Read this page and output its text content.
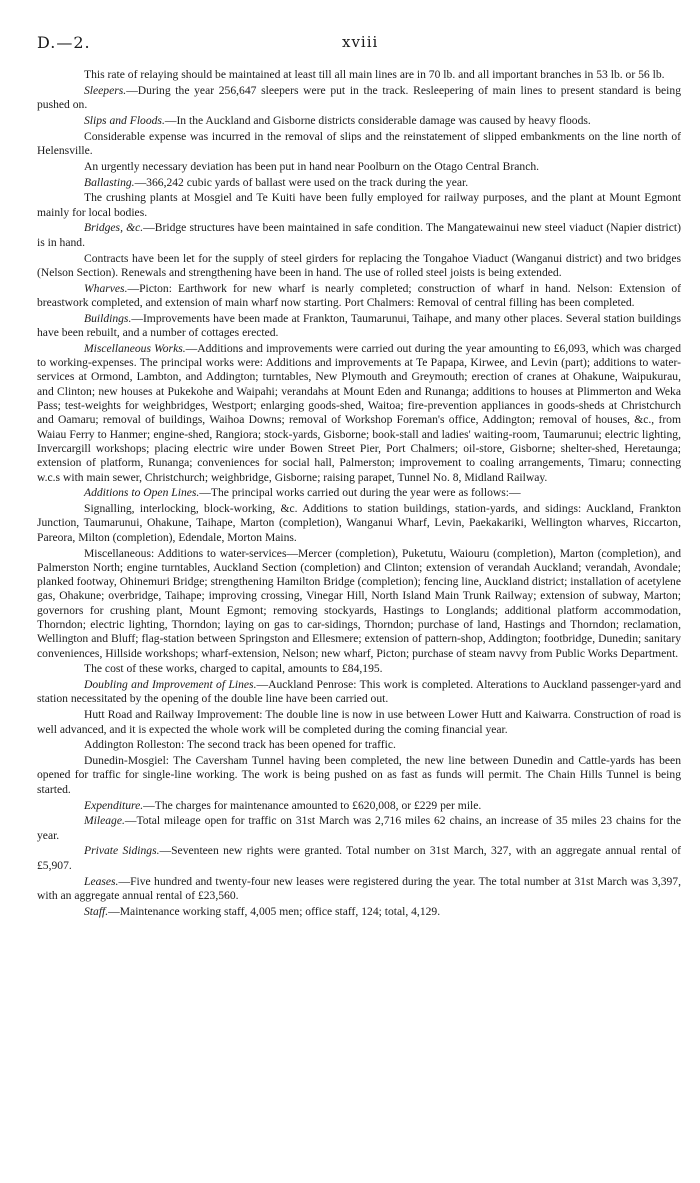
D.—2.	xviii

This rate of relaying should be maintained at least till all main lines are in 70 lb. and all important branches in 53 lb. or 56 lb.

Sleepers.—During the year 256,647 sleepers were put in the track. Resleepering of main lines to present standard is being pushed on.

Slips and Floods.—In the Auckland and Gisborne districts considerable damage was caused by heavy floods.

Considerable expense was incurred in the removal of slips and the reinstatement of slipped embankments on the line north of Helensville.

An urgently necessary deviation has been put in hand near Poolburn on the Otago Central Branch.

Ballasting.—366,242 cubic yards of ballast were used on the track during the year.

The crushing plants at Mosgiel and Te Kuiti have been fully employed for railway purposes, and the plant at Mount Egmont mainly for local bodies.

Bridges, &c.—Bridge structures have been maintained in safe condition. The Mangatewainui new steel viaduct (Napier district) is in hand.

Contracts have been let for the supply of steel girders for replacing the Tongahoe Viaduct (Wanganui district) and two bridges (Nelson Section). Renewals and strengthening have been in hand. The use of rolled steel joists is being extended.

Wharves.—Picton: Earthwork for new wharf is nearly completed; construction of wharf in hand. Nelson: Extension of breastwork completed, and extension of main wharf now starting. Port Chalmers: Removal of central filling has been completed.

Buildings.—Improvements have been made at Frankton, Taumarunui, Taihape, and many other places. Several station buildings have been rebuilt, and a number of cottages erected.

Miscellaneous Works.—Additions and improvements were carried out during the year amounting to £6,093, which was charged to working-expenses. The principal works were: Additions and improvements at Te Papapa, Kirwee, and Levin (part); additions to water-services at Ormond, Lambton, and Addington; turntables, New Plymouth and Greymouth; erection of cranes at Ohakune, Waipukurau, and Clinton; new houses at Pukekohe and Waipahi; verandahs at Mount Eden and Runanga; additions to houses at Plimmerton and Weka Pass; test-weights for weighbridges, Westport; enlarging goods-shed, Waitoa; fire-prevention appliances in goods-sheds at Christchurch and Oamaru; removal of buildings, Waihoa Downs; removal of Workshop Foreman's office, Addington; removal of houses, &c., from Waiau Ferry to Hanmer; engine-shed, Rangiora; stock-yards, Gisborne; book-stall and ladies' waiting-room, Taumarunui; electric lighting, Invercargill workshops; placing electric wire under Bowen Street Pier, Port Chalmers; oil-store, Gisborne; shelter-shed, Heretaunga; extension of platform, Runanga; conveniences for social hall, Palmerston; improvement to coaling arrangements, Timaru; connecting w.c.s with main sewer, Christchurch; weighbridge, Gisborne; raising parapet, Tunnel No. 8, Midland Railway.

Additions to Open Lines.—The principal works carried out during the year were as follows:—

Signalling, interlocking, block-working, &c. Additions to station buildings, station-yards, and sidings: Auckland, Frankton Junction, Taumarunui, Ohakune, Taihape, Marton (completion), Wanganui Wharf, Levin, Paekakariki, Wellington wharves, Riccarton, Pareora, Milton (completion), Edendale, Morton Mains.

Miscellaneous: Additions to water-services—Mercer (completion), Puketutu, Waiouru (completion), Marton (completion), and Palmerston North; engine turntables, Auckland Section (completion) and Clinton; extension of verandah Auckland; verandah, Avondale; planked footway, Ohinemuri Bridge; strengthening Hamilton Bridge (completion); fencing line, Auckland district; installation of acetylene gas, Ohakune; overbridge, Taihape; improving crossing, Vinegar Hill, North Island Main Trunk Railway; extension of subway, Marton; governors for crushing plant, Mount Egmont; removing stockyards, Hastings to Longlands; additional platform accommodation, Thorndon; electric lighting, Thorndon; laying on gas to car-sidings, Thorndon; purchase of land, Hastings and Thorndon; reclamation, Wellington and Bluff; flag-station between Springston and Ellesmere; extension of pattern-shop, Addington; footbridge, Dunedin; sanitary conveniences, Hillside workshops; wharf-extension, Nelson; new wharf, Picton; purchase of steam navvy from Public Works Department.

The cost of these works, charged to capital, amounts to £84,195.

Doubling and Improvement of Lines.—Auckland Penrose: This work is completed. Alterations to Auckland passenger-yard and station necessitated by the opening of the double line have been carried out.

Hutt Road and Railway Improvement: The double line is now in use between Lower Hutt and Kaiwarra. Construction of road is well advanced, and it is expected the whole work will be completed during the coming financial year.

Addington Rolleston: The second track has been opened for traffic.

Dunedin-Mosgiel: The Caversham Tunnel having been completed, the new line between Dunedin and Cattle-yards has been opened for traffic for single-line working. The work is being pushed on as fast as funds will permit. The Chain Hills Tunnel is being started.

Expenditure.—The charges for maintenance amounted to £620,008, or £229 per mile.

Mileage.—Total mileage open for traffic on 31st March was 2,716 miles 62 chains, an increase of 35 miles 23 chains for the year.

Private Sidings.—Seventeen new rights were granted. Total number on 31st March, 327, with an aggregate annual rental of £5,907.

Leases.—Five hundred and twenty-four new leases were registered during the year. The total number at 31st March was 3,397, with an aggregate annual rental of £23,560.

Staff.—Maintenance working staff, 4,005 men; office staff, 124; total, 4,129.
